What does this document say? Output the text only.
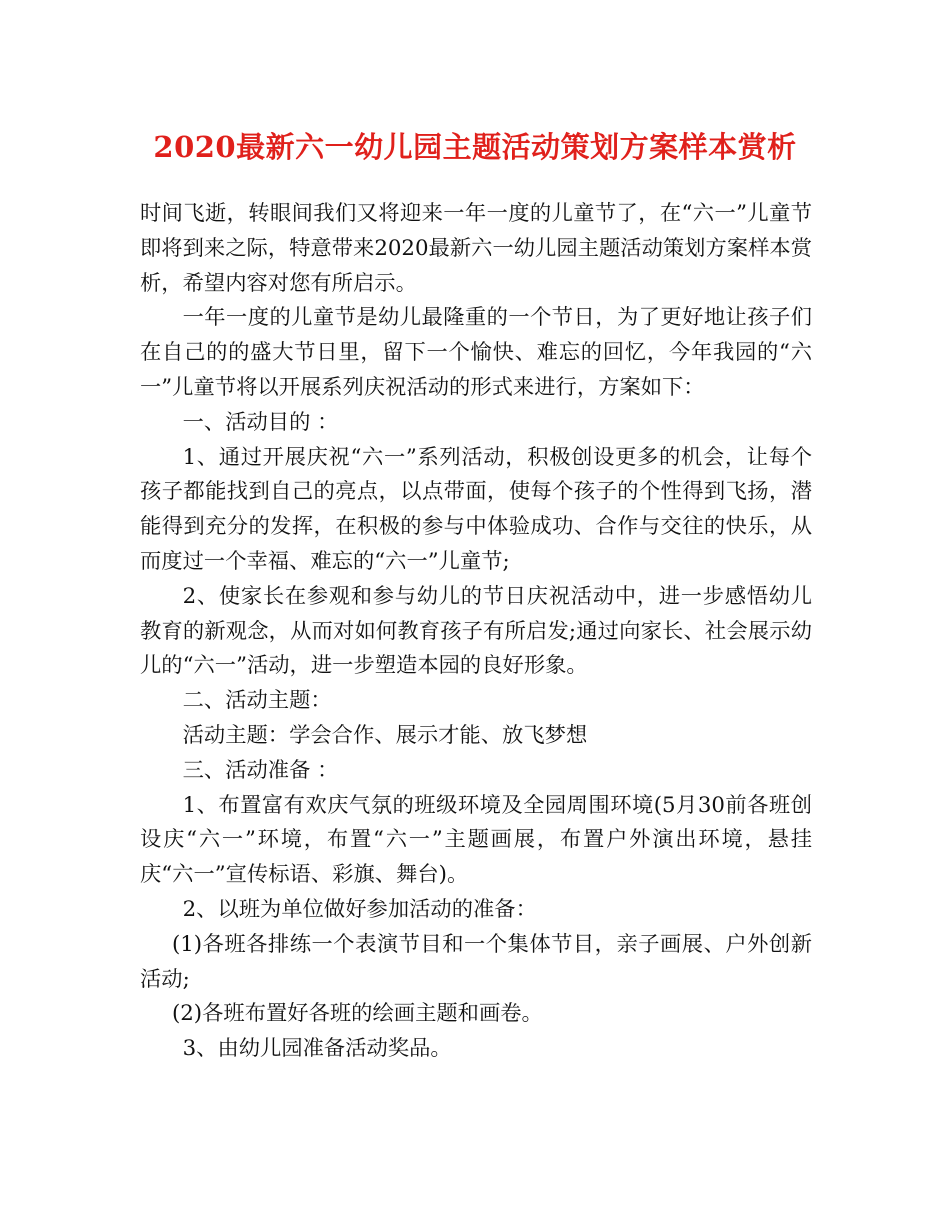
2020最新六一幼儿园主题活动策划方案样本赏析

时间飞逝，转眼间我们又将迎来一年一度的儿童节了，在“六一”儿童节即将到来之际，特意带来2020最新六一幼儿园主题活动策划方案样本赏析，希望内容对您有所启示。

一年一度的儿童节是幼儿最隆重的一个节日，为了更好地让孩子们在自己的的盛大节日里，留下一个愉快、难忘的回忆，今年我园的“六一”儿童节将以开展系列庆祝活动的形式来进行，方案如下：

一、活动目的 ：

1、通过开展庆祝“六一”系列活动，积极创设更多的机会，让每个孩子都能找到自己的亮点，以点带面，使每个孩子的个性得到飞扬，潜能得到充分的发挥，在积极的参与中体验成功、合作与交往的快乐，从而度过一个幸福、难忘的“六一”儿童节;

2、使家长在参观和参与幼儿的节日庆祝活动中，进一步感悟幼儿教育的新观念，从而对如何教育孩子有所启发;通过向家长、社会展示幼儿的“六一”活动，进一步塑造本园的良好形象。

二、活动主题：

活动主题：学会合作、展示才能、放飞梦想

三、活动准备 ：

1、布置富有欢庆气氛的班级环境及全园周围环境(5月30前各班创设庆“六一”环境，布置“六一”主题画展，布置户外演出环境，悬挂庆“六一”宣传标语、彩旗、舞台)。

2、以班为单位做好参加活动的准备：

(1)各班各排练一个表演节目和一个集体节目，亲子画展、户外创新活动;

(2)各班布置好各班的绘画主题和画卷。

3、由幼儿园准备活动奖品。
